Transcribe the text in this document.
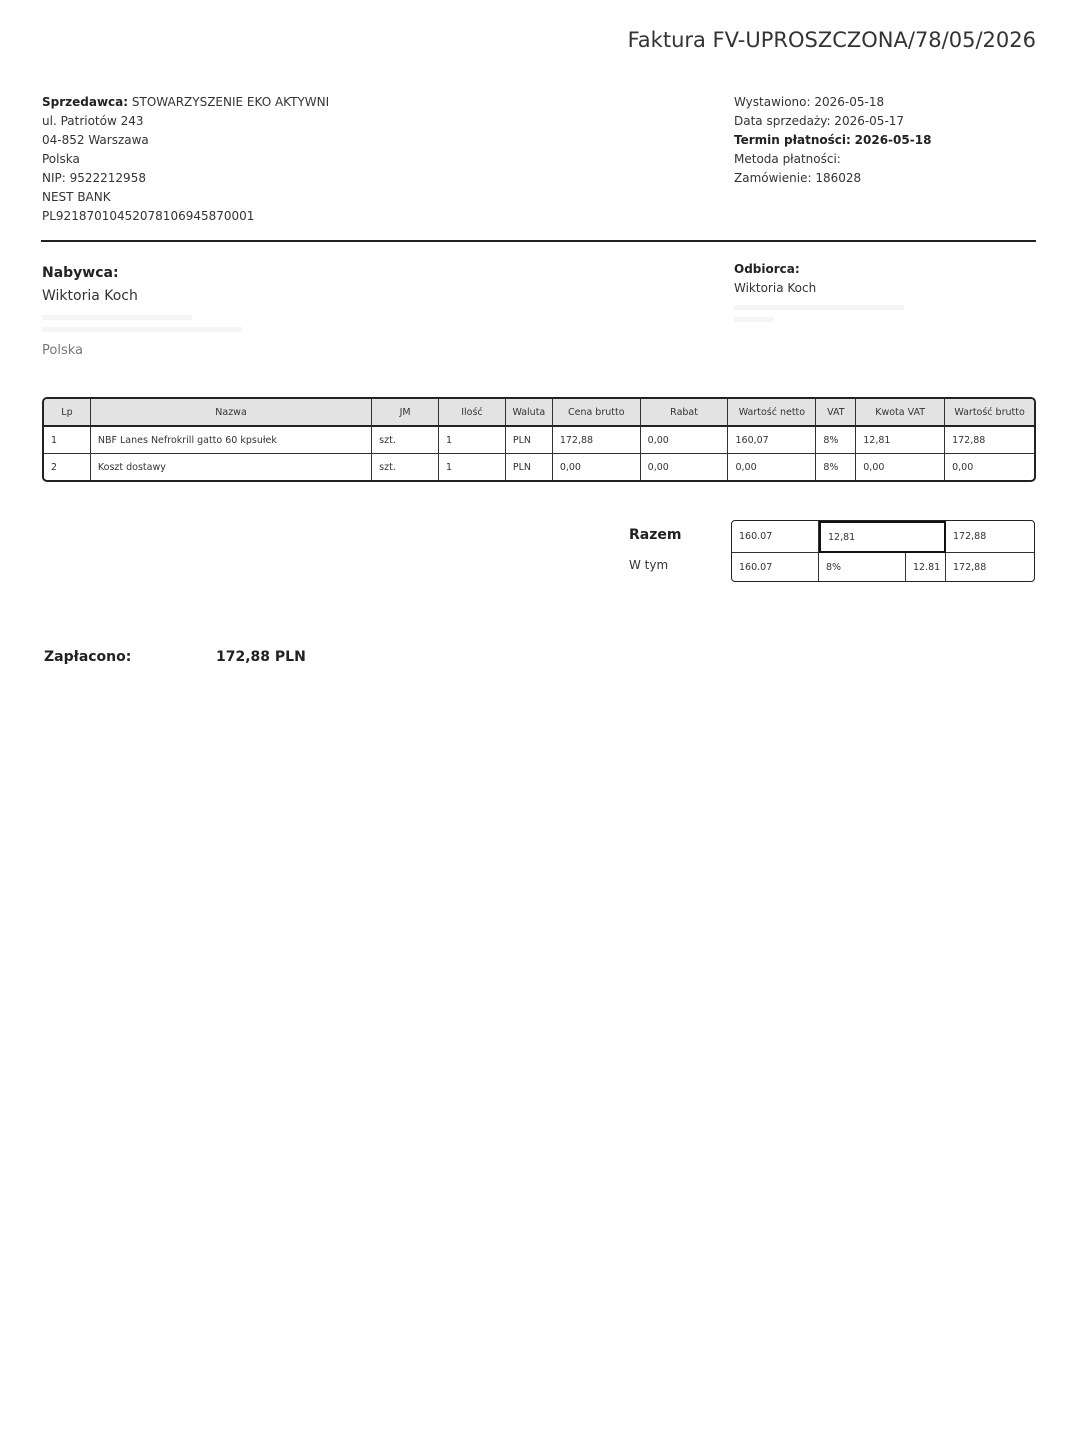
Faktura FV-UPROSZCZONA/78/05/2026
Sprzedawca: STOWARZYSZENIE EKO AKTYWNI
ul. Patriotów 243
04-852 Warszawa
Polska
NIP: 9522212958
NEST BANK
PL92187010452078106945870001
Wystawiono: 2026-05-18
Data sprzedaży: 2026-05-17
Termin płatności: 2026-05-18
Metoda płatności:
Zamówienie: 186028
Nabywca:
Wiktoria Koch
Polska
Odbiorca:
Wiktoria Koch
Lp	Nazwa	JM	Ilość	Waluta	Cena brutto	Rabat	Wartość netto	VAT	Kwota VAT	Wartość brutto
1	NBF Lanes Nefrokrill gatto 60 kpsułek	szt.	1	PLN	172,88	0,00	160,07	8%	12,81	172,88
2	Koszt dostawy	szt.	1	PLN	0,00	0,00	0,00	8%	0,00	0,00
Razem
W tym
160.07	12,81		172,88
160.07	8%	12.81	172,88
Zapłacono:	172,88 PLN
